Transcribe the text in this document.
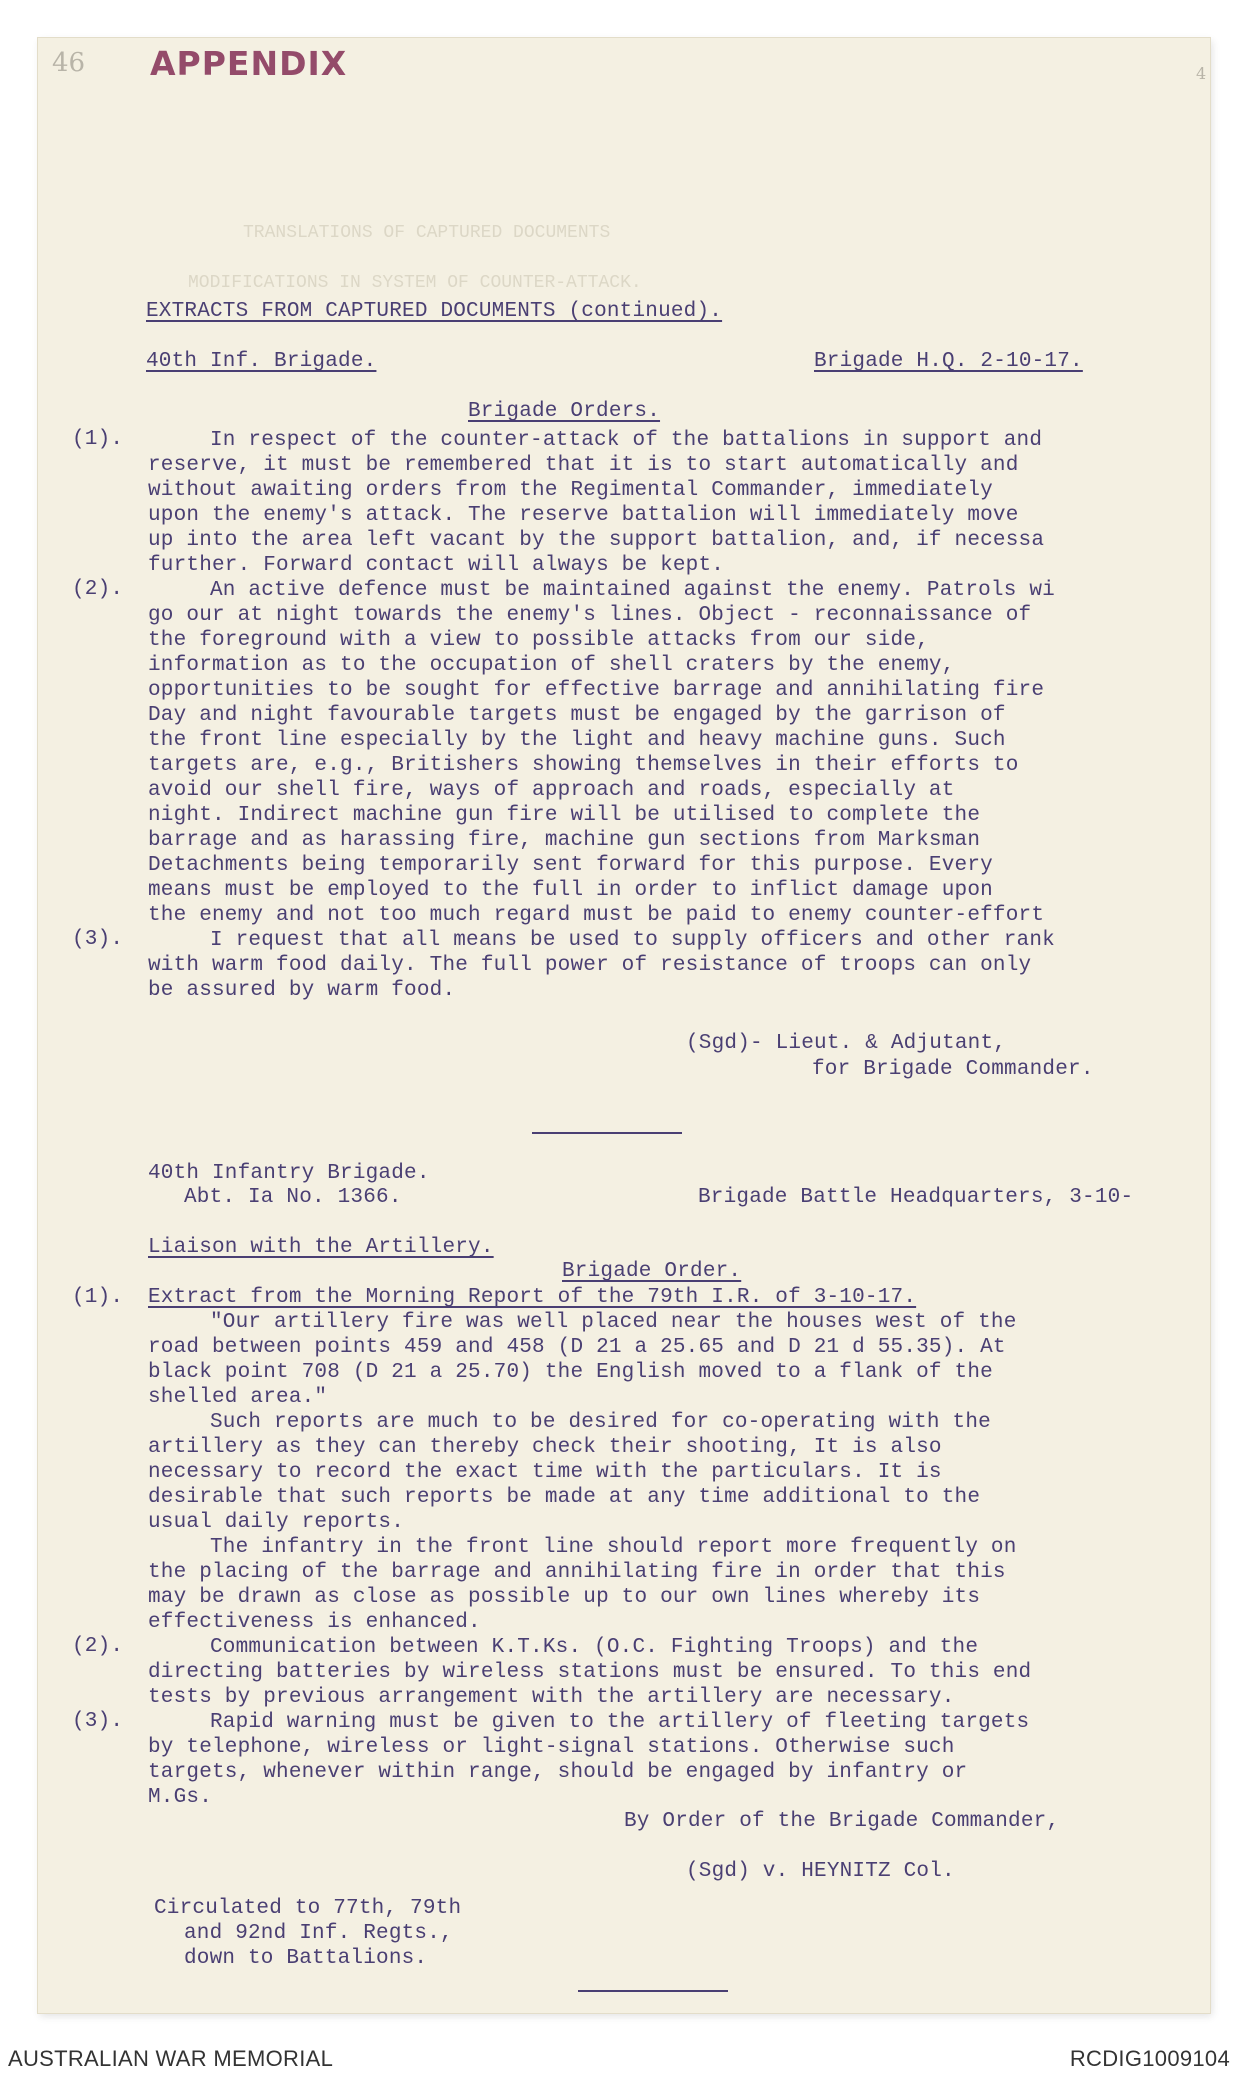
TRANSLATIONS OF CAPTURED DOCUMENTS
MODIFICATIONS IN SYSTEM OF COUNTER-ATTACK.
46 APPENDIX	4
EXTRACTS FROM CAPTURED DOCUMENTS (continued).
40th Inf. Brigade.	Brigade H.Q. 2-10-17.
Brigade Orders.
(1).	In respect of the counter-attack of the battalions in support and
reserve, it must be remembered that it is to start automatically and
without awaiting orders from the Regimental Commander, immediately
upon the enemy's attack. The reserve battalion will immediately move
up into the area left vacant by the support battalion, and, if necessa
further. Forward contact will always be kept.
(2).	An active defence must be maintained against the enemy. Patrols wi
go our at night towards the enemy's lines. Object - reconnaissance of
the foreground with a view to possible attacks from our side,
information as to the occupation of shell craters by the enemy,
opportunities to be sought for effective barrage and annihilating fire
Day and night favourable targets must be engaged by the garrison of
the front line especially by the light and heavy machine guns. Such
targets are, e.g., Britishers showing themselves in their efforts to
avoid our shell fire, ways of approach and roads, especially at
night. Indirect machine gun fire will be utilised to complete the
barrage and as harassing fire, machine gun sections from Marksman
Detachments being temporarily sent forward for this purpose. Every
means must be employed to the full in order to inflict damage upon
the enemy and not too much regard must be paid to enemy counter-effort
(3).	I request that all means be used to supply officers and other rank
with warm food daily. The full power of resistance of troops can only
be assured by warm food.
(Sgd)- Lieut. & Adjutant,
for Brigade Commander.
40th Infantry Brigade.
Abt. Ia No. 1366.	Brigade Battle Headquarters, 3-10-
Liaison with the Artillery.
Brigade Order.
(1). Extract from the Morning Report of the 79th I.R. of 3-10-17.
"Our artillery fire was well placed near the houses west of the
road between points 459 and 458 (D 21 a 25.65 and D 21 d 55.35). At
black point 708 (D 21 a 25.70) the English moved to a flank of the
shelled area."
Such reports are much to be desired for co-operating with the
artillery as they can thereby check their shooting, It is also
necessary to record the exact time with the particulars. It is
desirable that such reports be made at any time additional to the
usual daily reports.
The infantry in the front line should report more frequently on
the placing of the barrage and annihilating fire in order that this
may be drawn as close as possible up to our own lines whereby its
effectiveness is enhanced.
(2).	Communication between K.T.Ks. (O.C. Fighting Troops) and the
directing batteries by wireless stations must be ensured. To this end
tests by previous arrangement with the artillery are necessary.
(3).	Rapid warning must be given to the artillery of fleeting targets
by telephone, wireless or light-signal stations. Otherwise such
targets, whenever within range, should be engaged by infantry or
M.Gs.
By Order of the Brigade Commander,
(Sgd) v. HEYNITZ Col.
Circulated to 77th, 79th
and 92nd Inf. Regts.,
down to Battalions.
AUSTRALIAN WAR MEMORIAL	RCDIG1009104
